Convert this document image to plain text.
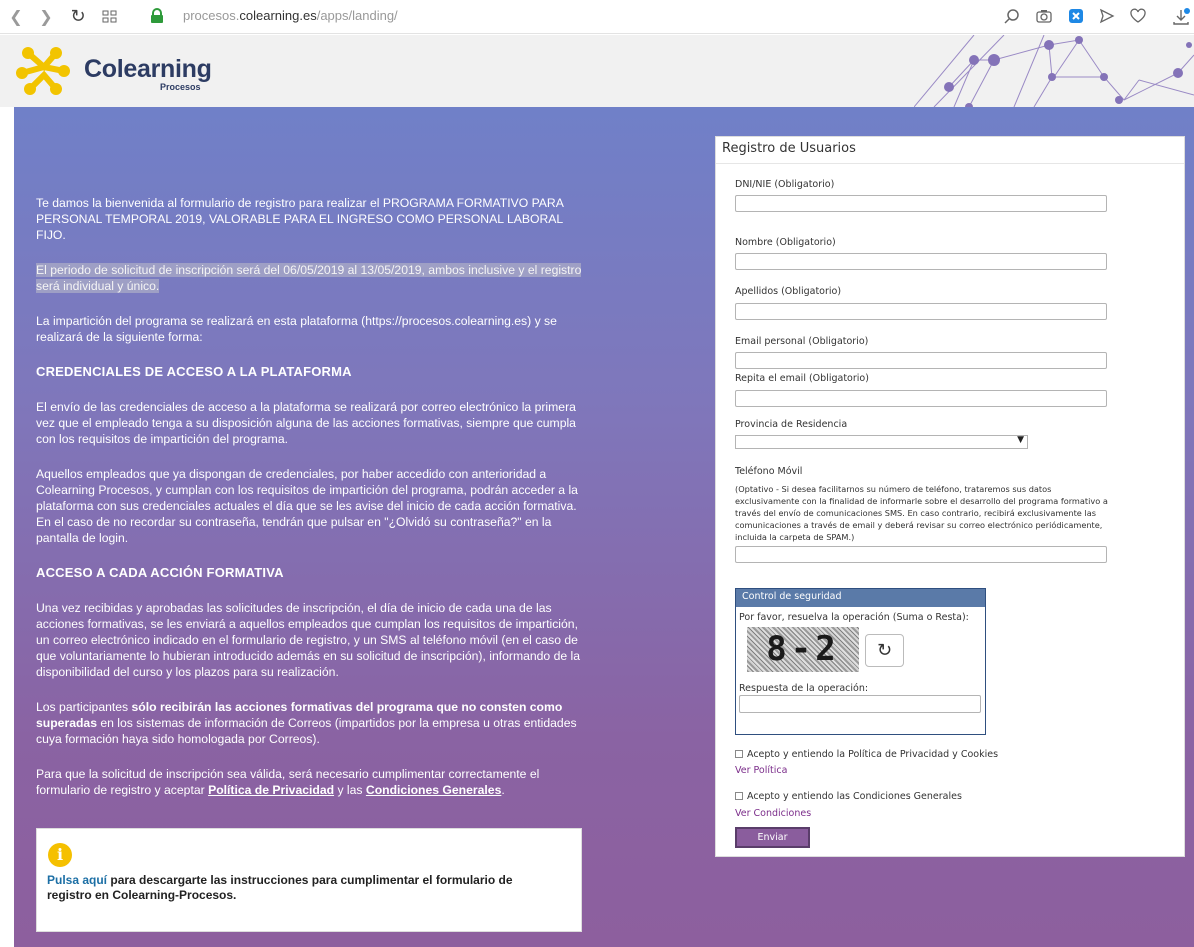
❮ ❯ ↻	procesos.colearning.es/apps/landing/
Colearning
Procesos

Te damos la bienvenida al formulario de registro para realizar el PROGRAMA FORMATIVO PARA PERSONAL TEMPORAL 2019, VALORABLE PARA EL INGRESO COMO PERSONAL LABORAL FIJO.

El periodo de solicitud de inscripción será del 06/05/2019 al 13/05/2019, ambos inclusive y el registro será individual y único.

La impartición del programa se realizará en esta plataforma (https://procesos.colearning.es) y se realizará de la siguiente forma:

CREDENCIALES DE ACCESO A LA PLATAFORMA

El envío de las credenciales de acceso a la plataforma se realizará por correo electrónico la primera vez que el empleado tenga a su disposición alguna de las acciones formativas, siempre que cumpla con los requisitos de impartición del programa.

Aquellos empleados que ya dispongan de credenciales, por haber accedido con anterioridad a Colearning Procesos, y cumplan con los requisitos de impartición del programa, podrán acceder a la plataforma con sus credenciales actuales el día que se les avise del inicio de cada acción formativa. En el caso de no recordar su contraseña, tendrán que pulsar en "¿Olvidó su contraseña?" en la pantalla de login.

ACCESO A CADA ACCIÓN FORMATIVA

Una vez recibidas y aprobadas las solicitudes de inscripción, el día de inicio de cada una de las acciones formativas, se les enviará a aquellos empleados que cumplan los requisitos de impartición, un correo electrónico indicado en el formulario de registro, y un SMS al teléfono móvil (en el caso de que voluntariamente lo hubieran introducido además en su solicitud de inscripción), informando de la disponibilidad del curso y los plazos para su realización.

Los participantes sólo recibirán las acciones formativas del programa que no consten como superadas en los sistemas de información de Correos (impartidos por la empresa u otras entidades cuya formación haya sido homologada por Correos).

Para que la solicitud de inscripción sea válida, será necesario cumplimentar correctamente el formulario de registro y aceptar Política de Privacidad y las Condiciones Generales.

i
Pulsa aquí para descargarte las instrucciones para cumplimentar el formulario de registro en Colearning-Procesos.
Registro de Usuarios
DNI/NIE (Obligatorio)
Nombre (Obligatorio)
Apellidos (Obligatorio)
Email personal (Obligatorio)
Repita el email (Obligatorio)
Provincia de Residencia
▼
Teléfono Móvil
(Optativo - Si desea facilitarnos su número de teléfono, trataremos sus datos exclusivamente con la finalidad de informarle sobre el desarrollo del programa formativo a través del envío de comunicaciones SMS. En caso contrario, recibirá exclusivamente las comunicaciones a través de email y deberá revisar su correo electrónico periódicamente, incluida la carpeta de SPAM.)
Control de seguridad
Por favor, resuelva la operación (Suma o Resta):
8-2	↻
Respuesta de la operación:
Acepto y entiendo la Política de Privacidad y Cookies
Ver Política
Acepto y entiendo las Condiciones Generales
Ver Condiciones
Enviar
